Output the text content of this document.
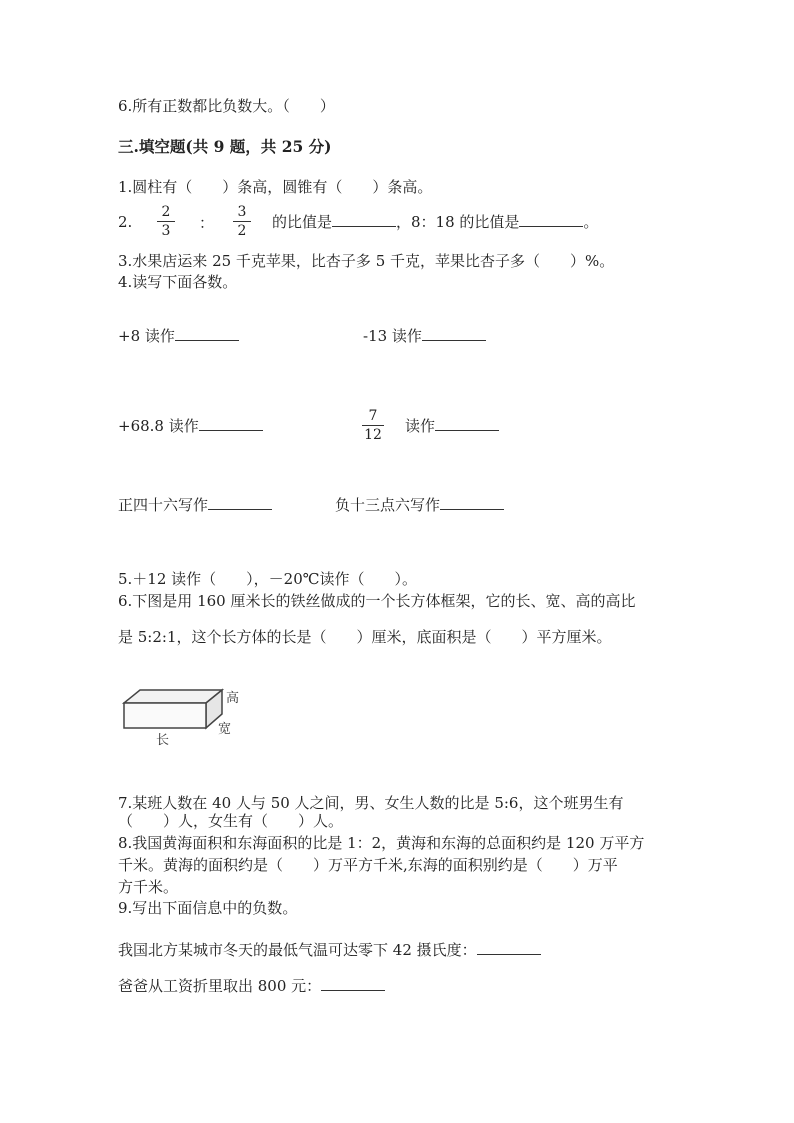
6.所有正数都比负数大。（　　）
三.填空题(共 9 题，共 25 分)
1.圆柱有（　　）条高，圆锥有（　　）条高。
2. $\frac{2}{3}$ ： $\frac{3}{2}$ 的比值是	，8：18 的比值是	。
3.水果店运来 25 千克苹果，比杏子多 5 千克，苹果比杏子多（　　）%。
4.读写下面各数。
+8 读作	-13 读作
+68.8 读作	$\frac{7}{12}$ 读作
正四十六写作	负十三点六写作
5.＋12 读作（　　），－20℃读作（　　）。
6.下图是用 160 厘米长的铁丝做成的一个长方体框架，它的长、宽、高的高比
是 5:2:1，这个长方体的长是（　　）厘米，底面积是（　　）平方厘米。
高
宽
长
7.某班人数在 40 人与 50 人之间，男、女生人数的比是 5:6，这个班男生有
（　　）人，女生有（　　）人。
8.我国黄海面积和东海面积的比是 1：2，黄海和东海的总面积约是 120 万平方
千米。黄海的面积约是（　　）万平方千米,东海的面积别约是（　　）万平
方千米。
9.写出下面信息中的负数。
我国北方某城市冬天的最低气温可达零下 42 摄氏度：
爸爸从工资折里取出 800 元：
